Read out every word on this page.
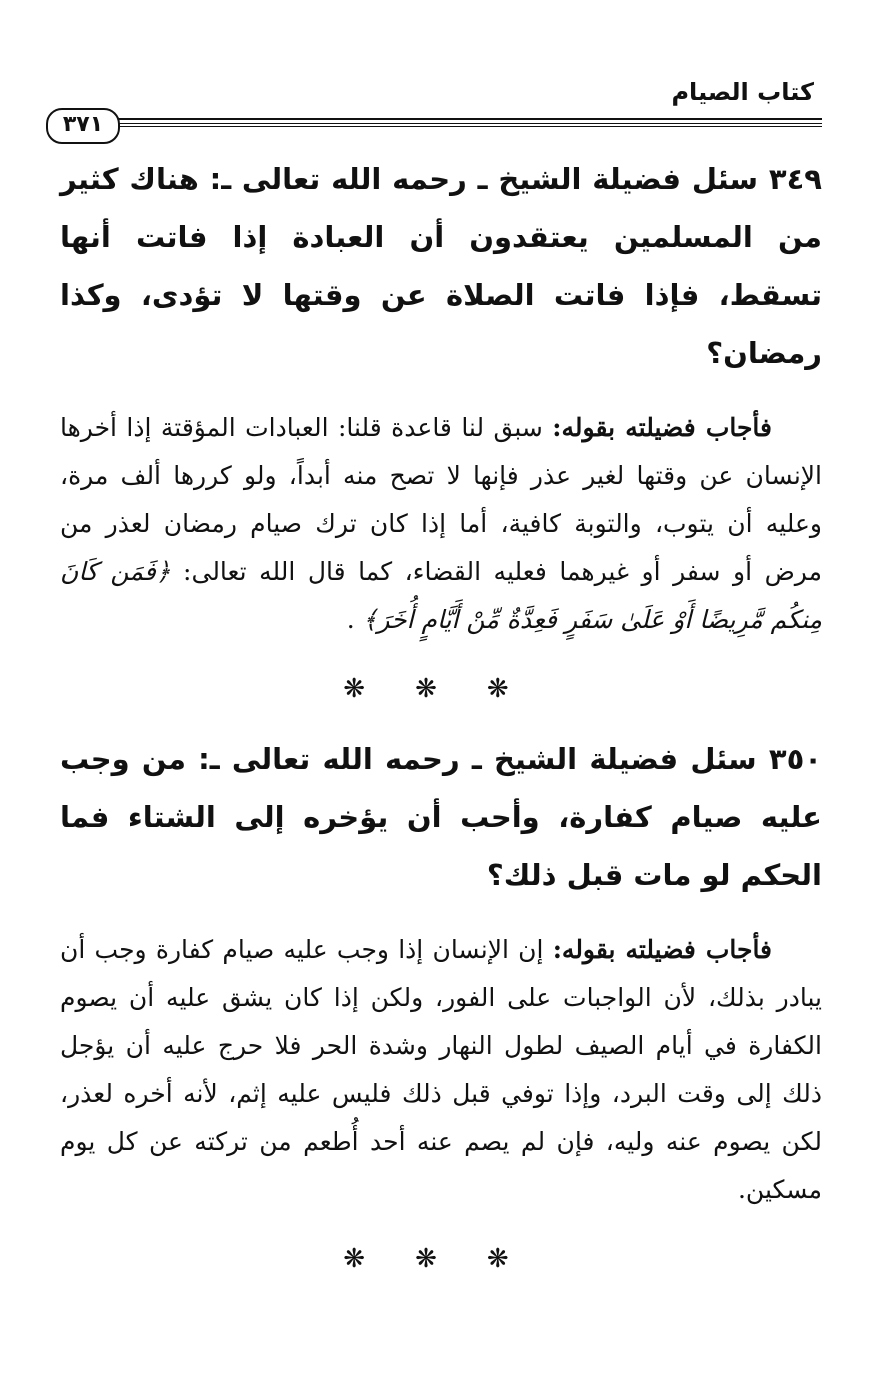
كتاب الصيام
٣٧١

٣٤٩ سئل فضيلة الشيخ ـ رحمه الله تعالى ـ: هناك كثير من المسلمين يعتقدون أن العبادة إذا فاتت أنها تسقط، فإذا فاتت الصلاة عن وقتها لا تؤدى، وكذا رمضان؟

فأجاب فضيلته بقوله: سبق لنا قاعدة قلنا: العبادات المؤقتة إذا أخرها الإنسان عن وقتها لغير عذر فإنها لا تصح منه أبداً، ولو كررها ألف مرة، وعليه أن يتوب، والتوبة كافية، أما إذا كان ترك صيام رمضان لعذر من مرض أو سفر أو غيرهما فعليه القضاء، كما قال الله تعالى: ﴿فَمَن كَانَ مِنكُم مَّرِيضًا أَوْ عَلَىٰ سَفَرٍ فَعِدَّةٌ مِّنْ أَيَّامٍ أُخَرَ﴾ .

❋ ❋ ❋

٣٥٠ سئل فضيلة الشيخ ـ رحمه الله تعالى ـ: من وجب عليه صيام كفارة، وأحب أن يؤخره إلى الشتاء فما الحكم لو مات قبل ذلك؟

فأجاب فضيلته بقوله: إن الإنسان إذا وجب عليه صيام كفارة وجب أن يبادر بذلك، لأن الواجبات على الفور، ولكن إذا كان يشق عليه أن يصوم الكفارة في أيام الصيف لطول النهار وشدة الحر فلا حرج عليه أن يؤجل ذلك إلى وقت البرد، وإذا توفي قبل ذلك فليس عليه إثم، لأنه أخره لعذر، لكن يصوم عنه وليه، فإن لم يصم عنه أحد أُطعم من تركته عن كل يوم مسكين.

❋ ❋ ❋
